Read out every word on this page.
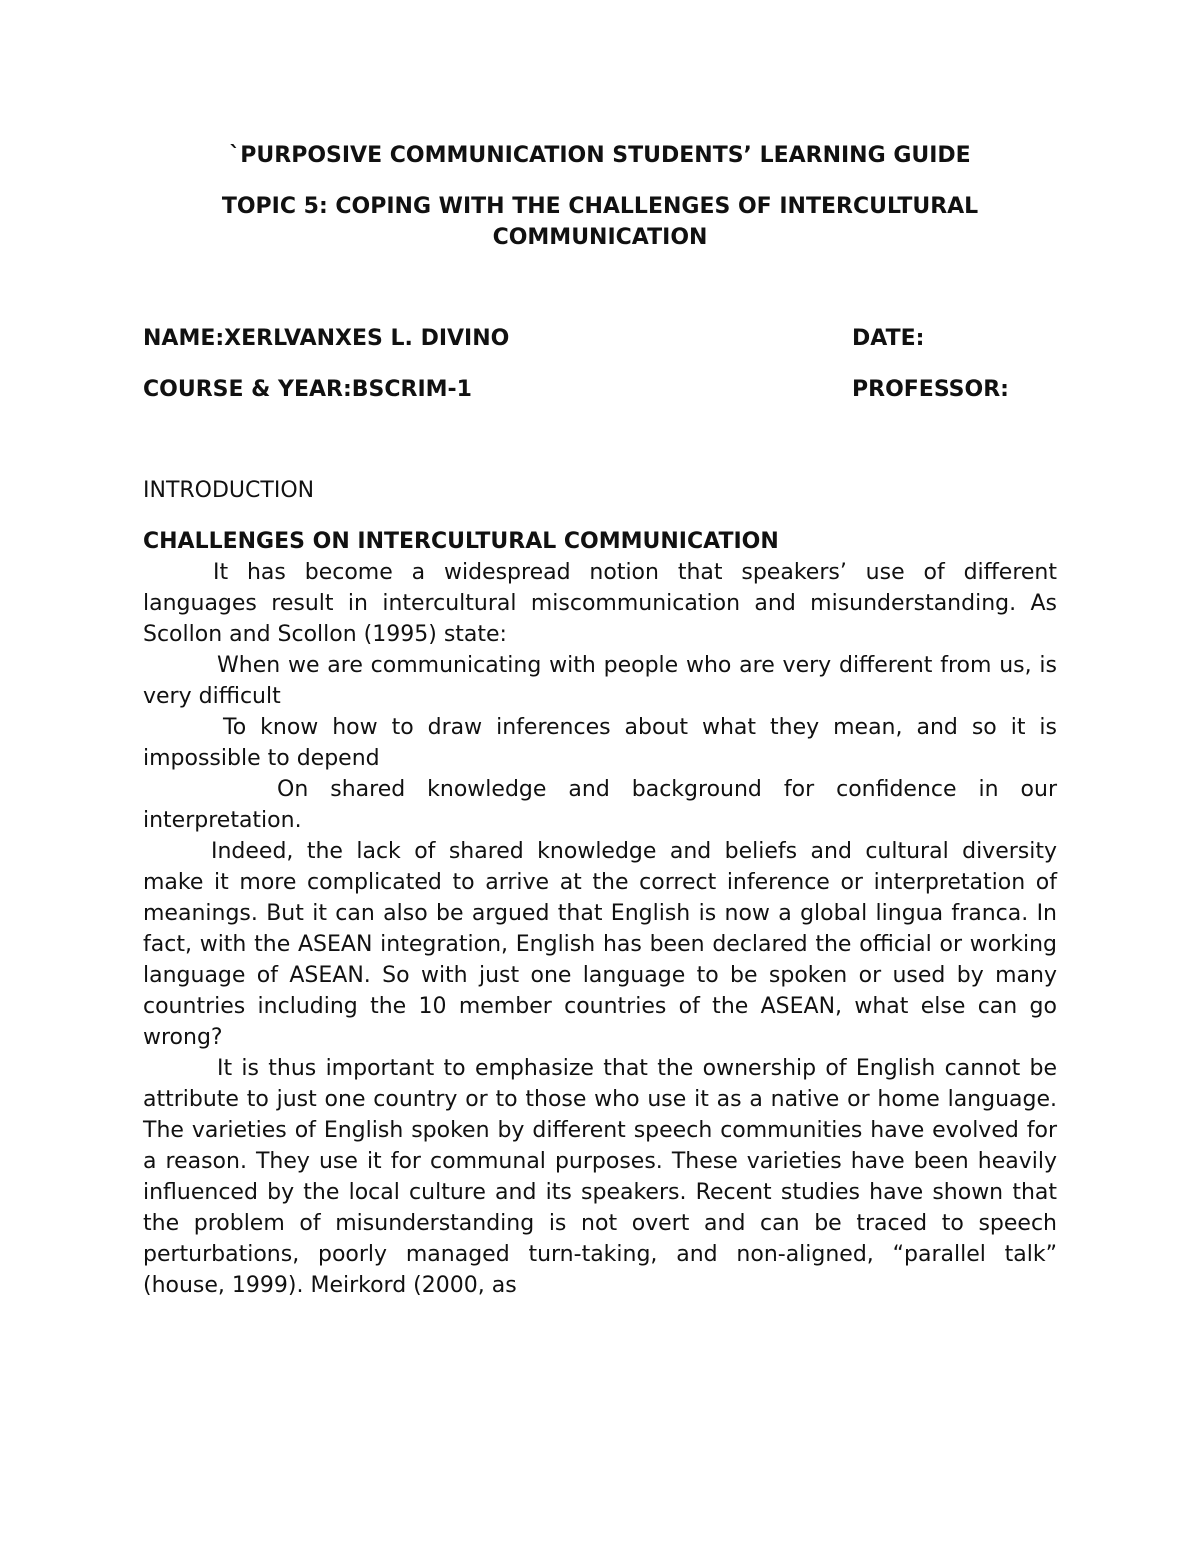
`PURPOSIVE COMMUNICATION STUDENTS’ LEARNING GUIDE

TOPIC 5: COPING WITH THE CHALLENGES OF INTERCULTURAL COMMUNICATION

NAME:XERLVANXES L. DIVINO	DATE:
COURSE & YEAR:BSCRIM-1	PROFESSOR:

INTRODUCTION

CHALLENGES ON INTERCULTURAL COMMUNICATION

It has become a widespread notion that speakers’ use of different languages result in intercultural miscommunication and misunderstanding. As Scollon and Scollon (1995) state:

When we are communicating with people who are very different from us, is very difficult

To know how to draw inferences about what they mean, and so it is impossible to depend

On shared knowledge and background for confidence in our interpretation.

Indeed, the lack of shared knowledge and beliefs and cultural diversity make it more complicated to arrive at the correct inference or interpretation of meanings. But it can also be argued that English is now a global lingua franca. In fact, with the ASEAN integration, English has been declared the official or working language of ASEAN. So with just one language to be spoken or used by many countries including the 10 member countries of the ASEAN, what else can go wrong?

It is thus important to emphasize that the ownership of English cannot be attribute to just one country or to those who use it as a native or home language. The varieties of English spoken by different speech communities have evolved for a reason. They use it for communal purposes. These varieties have been heavily influenced by the local culture and its speakers. Recent studies have shown that the problem of misunderstanding is not overt and can be traced to speech perturbations, poorly managed turn-taking, and non-aligned, “parallel talk” (house, 1999). Meirkord (2000, as
